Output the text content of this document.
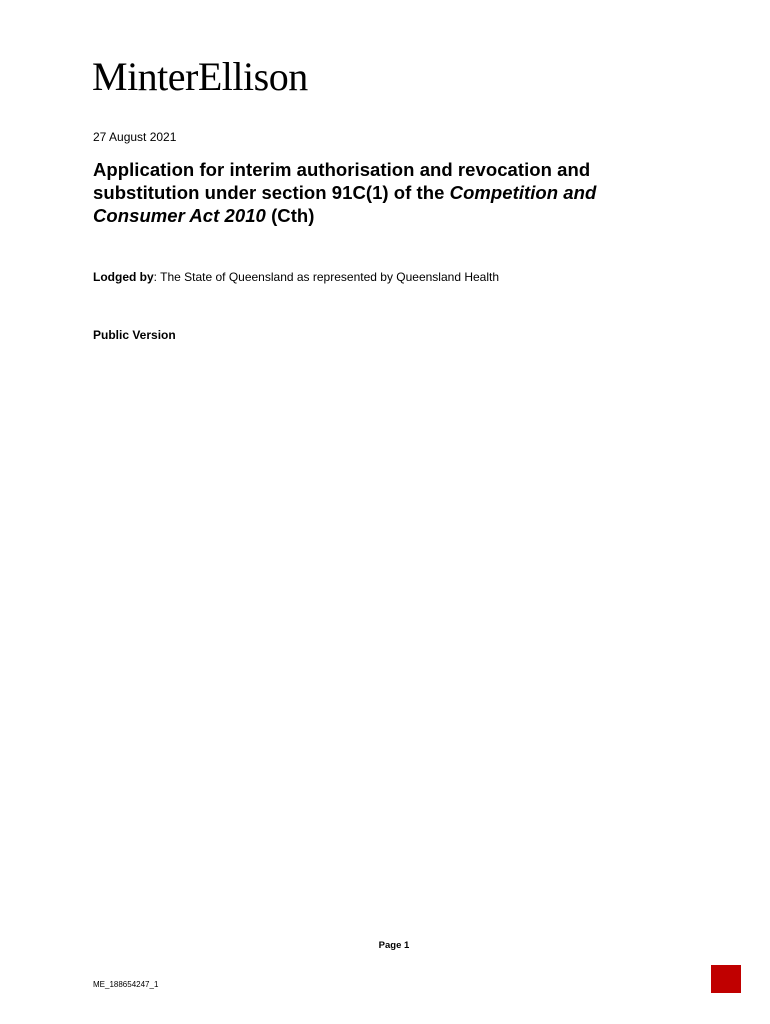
MinterEllison
27 August 2021
Application for interim authorisation and revocation and substitution under section 91C(1) of the Competition and Consumer Act 2010 (Cth)
Lodged by: The State of Queensland as represented by Queensland Health
Public Version
Page 1
ME_188654247_1
